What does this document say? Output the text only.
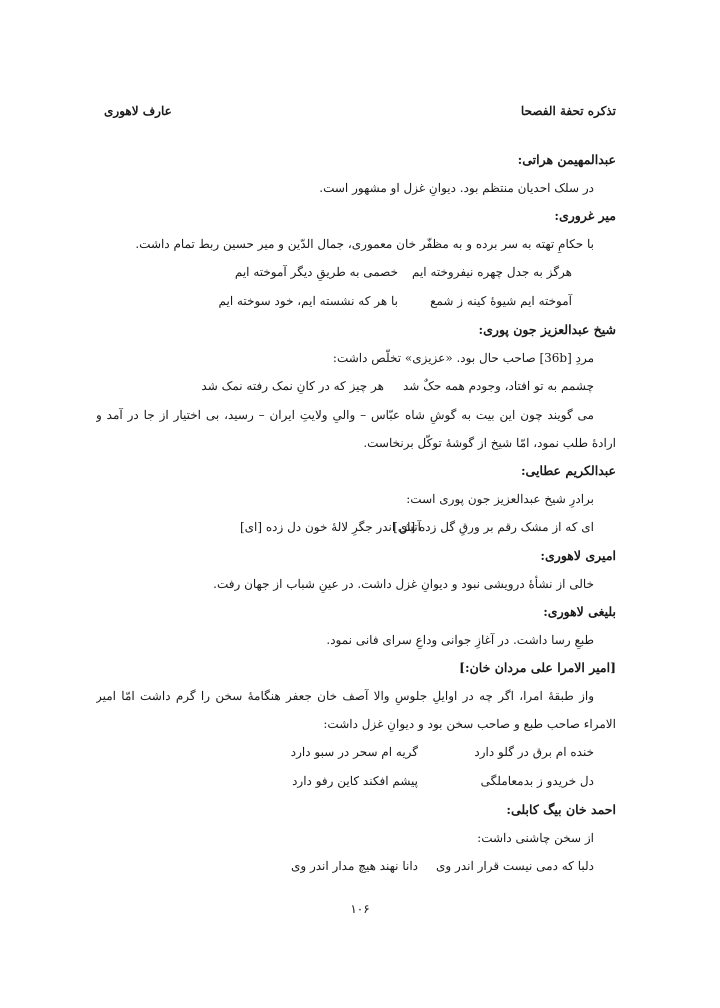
تذکره تحفة الفصحا
عارف لاهوری
عبدالمهیمن هراتی:
در سلک احدیان منتظم بود. دیوانِ غزل او مشهور است.
میر غروری:
با حکامِ تهته به سر برده و به مظفّر خان معموری، جمال الدّین و میر حسین ربط تمام داشت.
هرگز به جدل چهره نیفروخته ایم
خصمی به طریقِ دیگر آموخته ایم
آموخته ایم شیوهٔ کینه ز شمع
با هر که نشسته ایم، خود سوخته ایم
شیخ عبدالعزیز جون پوری:
مردِ [36b] صاحب حال بود. «عزیزی» تخلّص داشت:
چشمم به تو افتاد، وجودم همه حکٌ شد
هر چیز که در کانِ نمک رفته نمک شد
می گویند چون این بیت به گوشِ شاه عبّاس – والیِ ولایتِ ایران – رسید، بی اختیار از جا در آمد و ارادهٔ طلب نمود، امّا شیخ از گوشهٔ توکّل برنخاست.
عبدالکریم عطایی:
برادرِ شیخ عبدالعزیز جون پوری است:
ای که از مشک رقم بر ورقِ گل زده [ای]
آتش اندر جگرِ لالهٔ خون دل زده [ای]
امیری لاهوری:
خالی از نشأهٔ درویشی نبود و دیوانِ غزل داشت. در عینِ شباب از جهان رفت.
بلیغی لاهوری:
طبعِ رسا داشت. در آغازِ جوانی وداعِ سرای فانی نمود.
[امیر الامرا علی مردان خان:]
واز طبقهٔ امرا، اگر چه در اوایلِ جلوسِ والا آصف خان جعفر هنگامهٔ سخن را گرم داشت امّا امیر الامراء صاحب طبع و صاحب سخن بود و دیوانِ غزل داشت:
خنده ام برق در گلو دارد
گریه ام سحر در سبو دارد
دل خریدو ز بدمعاملگی
پیشم افکند کاین رفو دارد
احمد خان بیگ کابلی:
از سخن چاشنی داشت:
دلبا که دمی نیست قرار اندر وی
دانا نهند هیچ مدار اندر وی
۱۰۶
